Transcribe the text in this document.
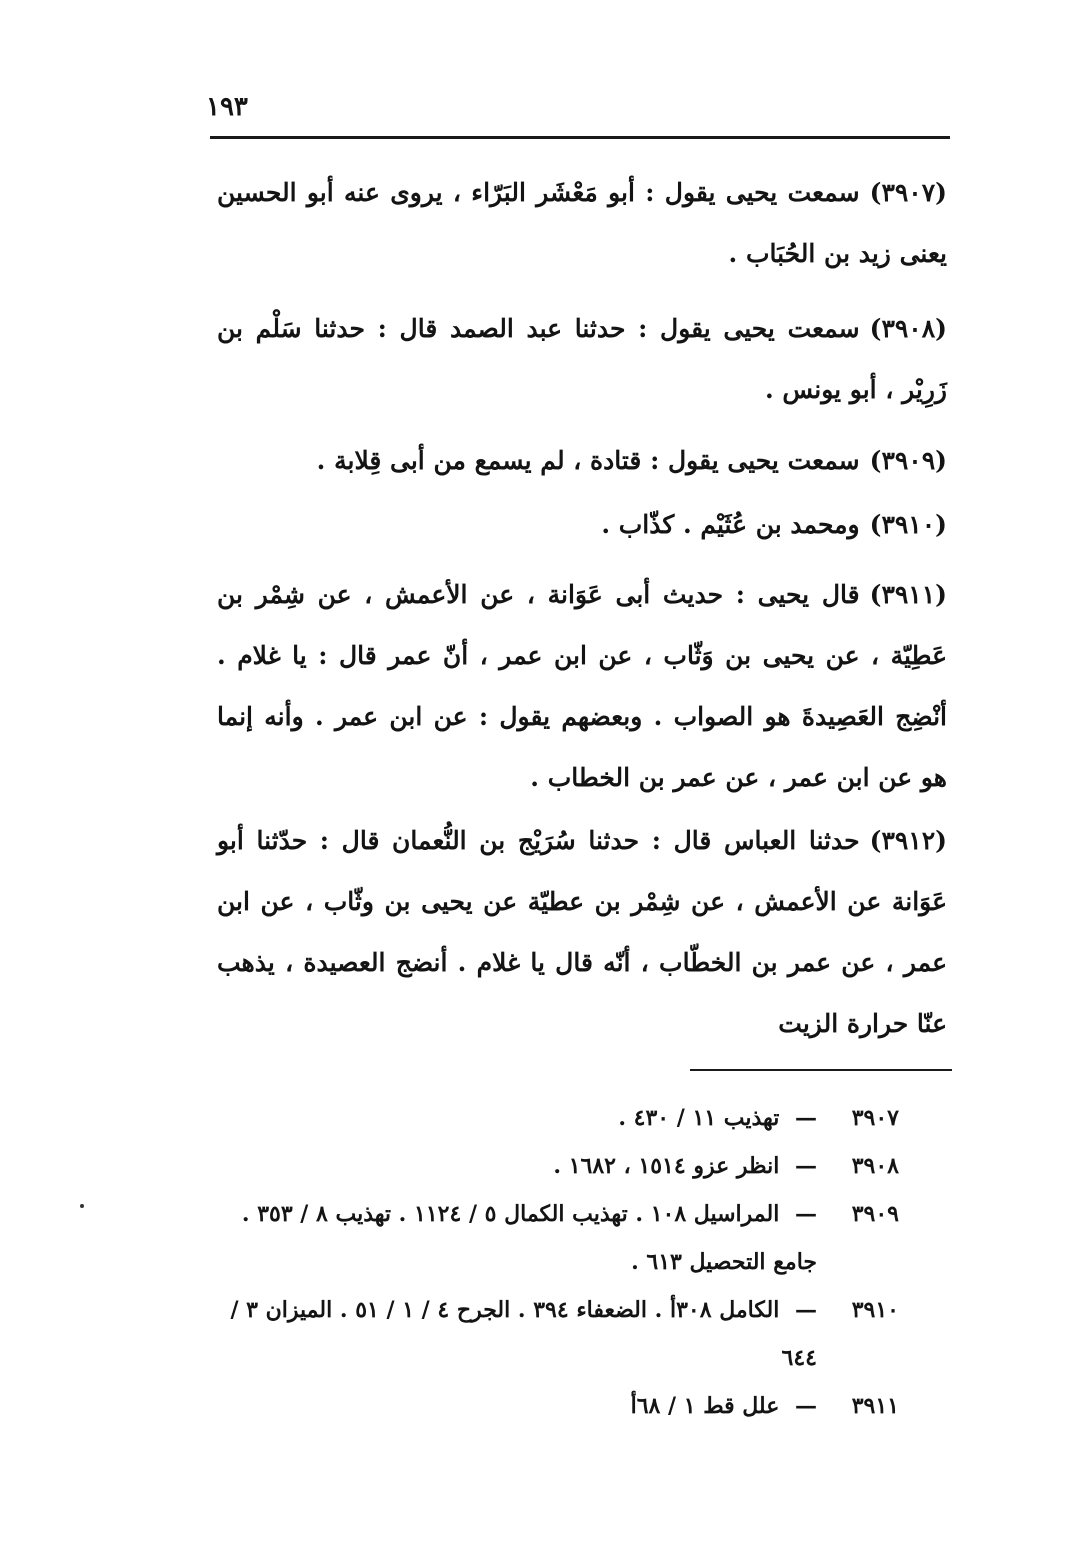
١٩٣
(٣٩٠٧)سمعت يحيى يقول : أبو مَعْشَر البَرّاء ، يروى عنه أبو الحسين يعنى زيد بن الحُبَاب .
(٣٩٠٨)سمعت يحيى يقول : حدثنا عبد الصمد قال : حدثنا سَلْم بن زَرِيْر ، أبو يونس .
(٣٩٠٩)سمعت يحيى يقول : قتادة ، لم يسمع من أبى قِلابة .
(٣٩١٠)ومحمد بن عُثَيْم . كذّاب .
(٣٩١١)قال يحيى : حديث أبى عَوَانة ، عن الأعمش ، عن شِمْر بن عَطِيّة ، عن يحيى بن وَثّاب ، عن ابن عمر ، أنّ عمر قال : يا غلام . أنْضِج العَصِيدةَ هو الصواب . وبعضهم يقول : عن ابن عمر . وأنه إنما هو عن ابن عمر ، عن عمر بن الخطاب .
(٣٩١٢)حدثنا العباس قال : حدثنا سُرَيْج بن النُّعمان قال : حدّثنا أبو عَوَانة عن الأعمش ، عن شِمْر بن عطيّة عن يحيى بن وثّاب ، عن ابن عمر ، عن عمر بن الخطّاب ، أنّه قال يا غلام . أنضج العصيدة ، يذهب عنّا حرارة الزيت

٣٩٠٧
— تهذيب ١١ / ٤٣٠ .

٣٩٠٨
— انظر عزو ١٥١٤ ، ١٦٨٢ .

٣٩٠٩
— المراسيل ١٠٨ . تهذيب الكمال ٥ / ١١٢٤ . تهذيب ٨ / ٣٥٣ .
جامع التحصيل ٦١٣ .

٣٩١٠
— الكامل ٣٠٨أ . الضعفاء ٣٩٤ . الجرح ٤ / ١ / ٥١ . الميزان ٣ / ٦٤٤

٣٩١١
— علل قط ١ / ٦٨أ
